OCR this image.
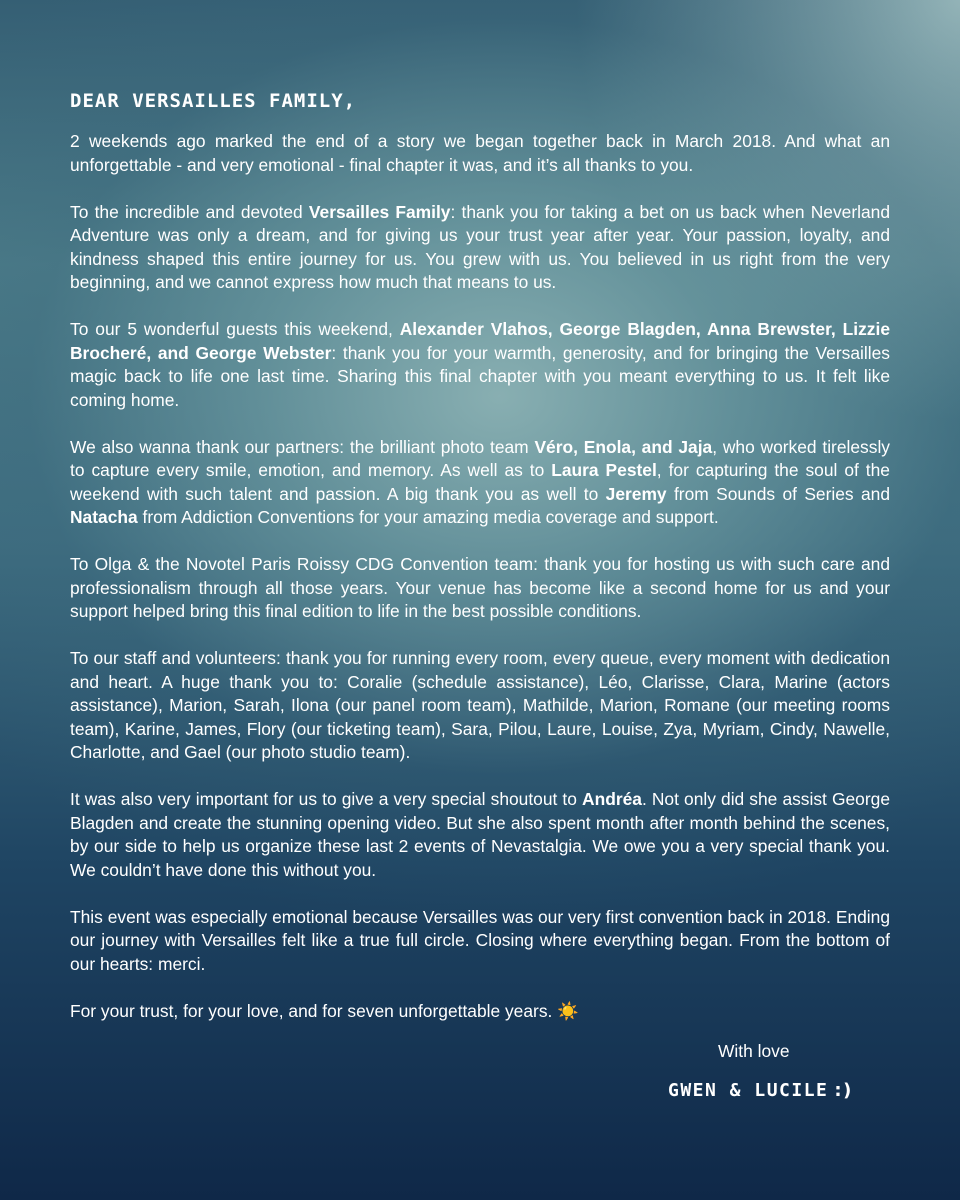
DEAR VERSAILLES FAMILY,

2 weekends ago marked the end of a story we began together back in March 2018. And what an unforgettable - and very emotional - final chapter it was, and it’s all thanks to you.

To the incredible and devoted Versailles Family: thank you for taking a bet on us back when Neverland Adventure was only a dream, and for giving us your trust year after year. Your passion, loyalty, and kindness shaped this entire journey for us. You grew with us. You believed in us right from the very beginning, and we cannot express how much that means to us.

To our 5 wonderful guests this weekend, Alexander Vlahos, George Blagden, Anna Brewster, Lizzie Brocheré, and George Webster: thank you for your warmth, generosity, and for bringing the Versailles magic back to life one last time. Sharing this final chapter with you meant everything to us. It felt like coming home.

We also wanna thank our partners: the brilliant photo team Véro, Enola, and Jaja, who worked tirelessly to capture every smile, emotion, and memory. As well as to Laura Pestel, for capturing the soul of the weekend with such talent and passion. A big thank you as well to Jeremy from Sounds of Series and Natacha from Addiction Conventions for your amazing media coverage and support.

To Olga & the Novotel Paris Roissy CDG Convention team: thank you for hosting us with such care and professionalism through all those years. Your venue has become like a second home for us and your support helped bring this final edition to life in the best possible conditions.

To our staff and volunteers: thank you for running every room, every queue, every moment with dedication and heart. A huge thank you to: Coralie (schedule assistance), Léo, Clarisse, Clara, Marine (actors assistance), Marion, Sarah, Ilona (our panel room team), Mathilde, Marion, Romane (our meeting rooms team), Karine, James, Flory (our ticketing team), Sara, Pilou, Laure, Louise, Zya, Myriam, Cindy, Nawelle, Charlotte, and Gael (our photo studio team).

It was also very important for us to give a very special shoutout to Andréa. Not only did she assist George Blagden and create the stunning opening video. But she also spent month after month behind the scenes, by our side to help us organize these last 2 events of Nevastalgia. We owe you a very special thank you. We couldn’t have done this without you.

This event was especially emotional because Versailles was our very first convention back in 2018. Ending our journey with Versailles felt like a true full circle. Closing where everything began. From the bottom of our hearts: merci.

For your trust, for your love, and for seven unforgettable years. ☀️

With love
GWEN & LUCILE :)
